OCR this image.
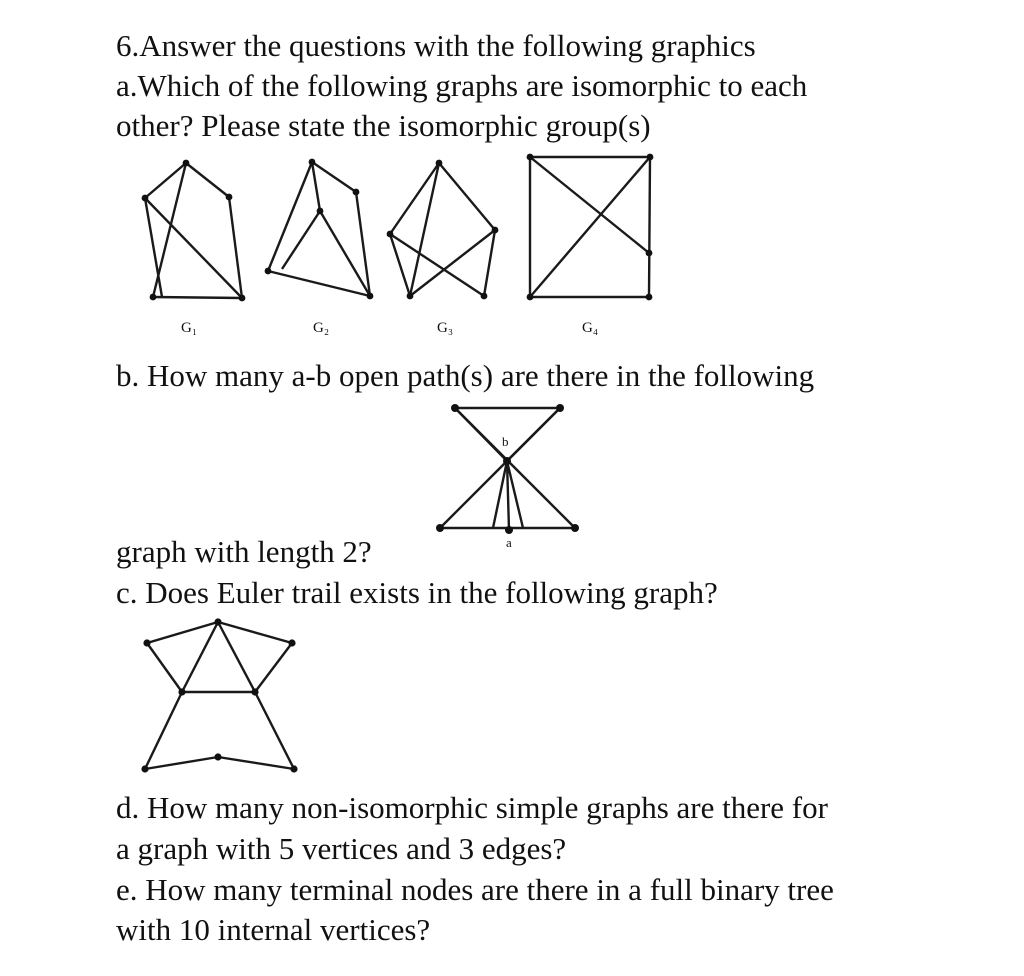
6.Answer the questions with the following graphics
a.Which of the following graphs are isomorphic to each
other? Please state the isomorphic group(s)
G₁	G₂	G₃	G₄
b. How many a-b open path(s) are there in the following
b
a
graph with length 2?
c. Does Euler trail exists in the following graph?
d. How many non-isomorphic simple graphs are there for
a graph with 5 vertices and 3 edges?
e. How many terminal nodes are there in a full binary tree
with 10 internal vertices?
